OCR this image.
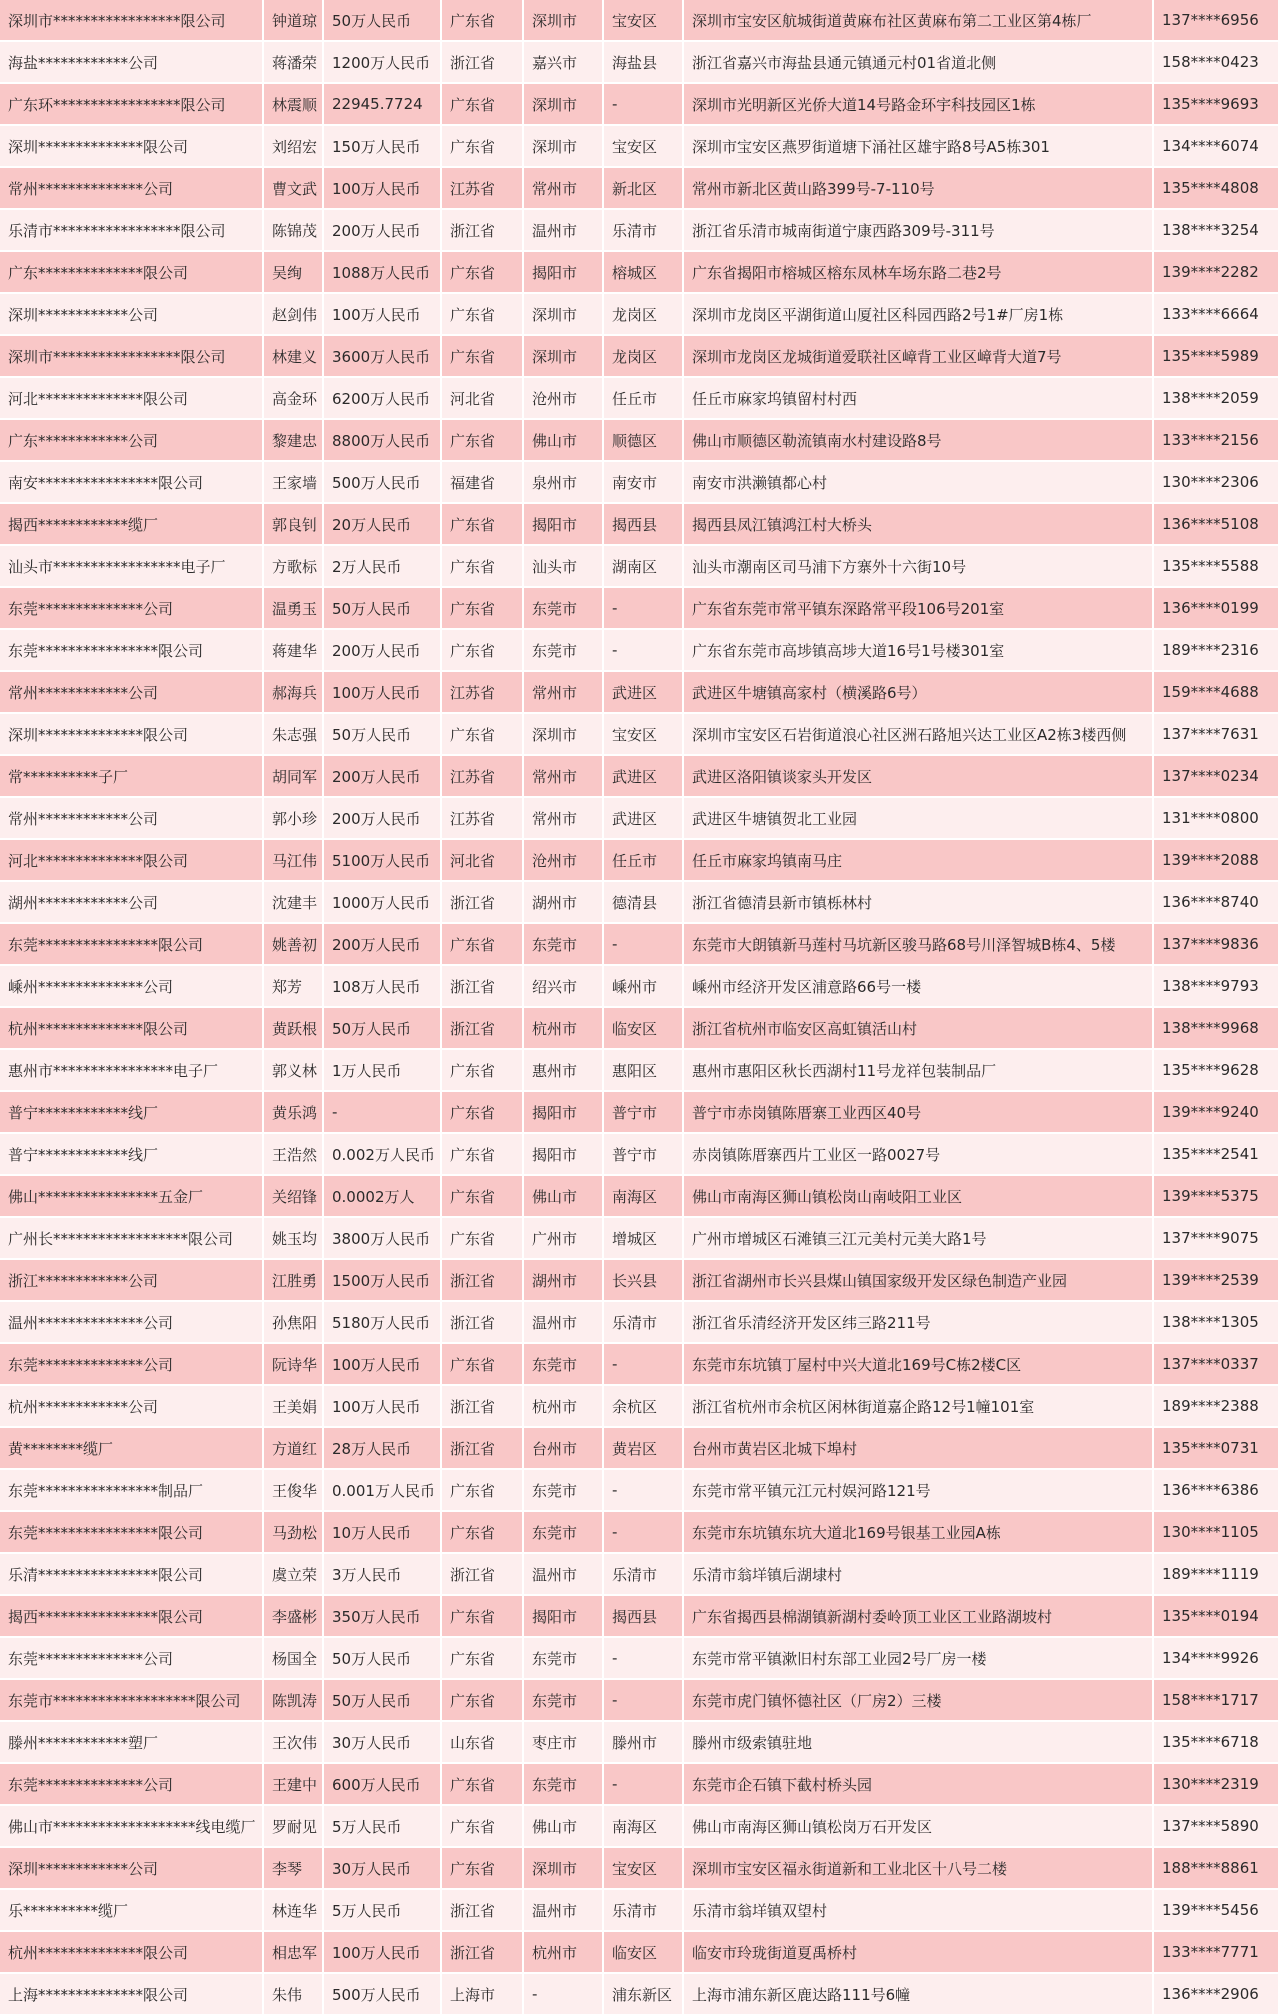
深圳市*****************限公司	钟道琼	50万人民币	广东省	深圳市	宝安区	深圳市宝安区航城街道黄麻布社区黄麻布第二工业区第4栋厂	137****6956
海盐************公司	蒋潘荣	1200万人民币	浙江省	嘉兴市	海盐县	浙江省嘉兴市海盐县通元镇通元村01省道北侧	158****0423
广东环*****************限公司	林震顺	22945.7724	广东省	深圳市	-	深圳市光明新区光侨大道14号路金环宇科技园区1栋	135****9693
深圳**************限公司	刘绍宏	150万人民币	广东省	深圳市	宝安区	深圳市宝安区燕罗街道塘下涌社区雄宇路8号A5栋301	134****6074
常州**************公司	曹文武	100万人民币	江苏省	常州市	新北区	常州市新北区黄山路399号-7-110号	135****4808
乐清市*****************限公司	陈锦茂	200万人民币	浙江省	温州市	乐清市	浙江省乐清市城南街道宁康西路309号-311号	138****3254
广东**************限公司	吴绚	1088万人民币	广东省	揭阳市	榕城区	广东省揭阳市榕城区榕东凤林车场东路二巷2号	139****2282
深圳************公司	赵剑伟	100万人民币	广东省	深圳市	龙岗区	深圳市龙岗区平湖街道山厦社区科园西路2号1#厂房1栋	133****6664
深圳市*****************限公司	林建义	3600万人民币	广东省	深圳市	龙岗区	深圳市龙岗区龙城街道爱联社区嶂背工业区嶂背大道7号	135****5989
河北**************限公司	高金环	6200万人民币	河北省	沧州市	任丘市	任丘市麻家坞镇留村村西	138****2059
广东************公司	黎建忠	8800万人民币	广东省	佛山市	顺德区	佛山市顺德区勒流镇南水村建设路8号	133****2156
南安****************限公司	王家墙	500万人民币	福建省	泉州市	南安市	南安市洪濑镇都心村	130****2306
揭西************缆厂	郭良钊	20万人民币	广东省	揭阳市	揭西县	揭西县凤江镇鸿江村大桥头	136****5108
汕头市*****************电子厂	方歌标	2万人民币	广东省	汕头市	湖南区	汕头市潮南区司马浦下方寨外十六街10号	135****5588
东莞**************公司	温勇玉	50万人民币	广东省	东莞市	-	广东省东莞市常平镇东深路常平段106号201室	136****0199
东莞****************限公司	蒋建华	200万人民币	广东省	东莞市	-	广东省东莞市高埗镇高埗大道16号1号楼301室	189****2316
常州************公司	郝海兵	100万人民币	江苏省	常州市	武进区	武进区牛塘镇高家村（横溪路6号）	159****4688
深圳**************限公司	朱志强	50万人民币	广东省	深圳市	宝安区	深圳市宝安区石岩街道浪心社区洲石路旭兴达工业区A2栋3楼西侧	137****7631
常**********子厂	胡同军	200万人民币	江苏省	常州市	武进区	武进区洛阳镇谈家头开发区	137****0234
常州************公司	郭小珍	200万人民币	江苏省	常州市	武进区	武进区牛塘镇贺北工业园	131****0800
河北**************限公司	马江伟	5100万人民币	河北省	沧州市	任丘市	任丘市麻家坞镇南马庄	139****2088
湖州************公司	沈建丰	1000万人民币	浙江省	湖州市	德清县	浙江省德清县新市镇栎林村	136****8740
东莞****************限公司	姚善初	200万人民币	广东省	东莞市	-	东莞市大朗镇新马莲村马坑新区骏马路68号川泽智城B栋4、5楼	137****9836
嵊州**************公司	郑芳	108万人民币	浙江省	绍兴市	嵊州市	嵊州市经济开发区浦意路66号一楼	138****9793
杭州**************限公司	黄跃根	50万人民币	浙江省	杭州市	临安区	浙江省杭州市临安区高虹镇活山村	138****9968
惠州市****************电子厂	郭义林	1万人民币	广东省	惠州市	惠阳区	惠州市惠阳区秋长西湖村11号龙祥包装制品厂	135****9628
普宁************线厂	黄乐鸿	-	广东省	揭阳市	普宁市	普宁市赤岗镇陈厝寨工业西区40号	139****9240
普宁************线厂	王浩然	0.002万人民币	广东省	揭阳市	普宁市	赤岗镇陈厝寨西片工业区一路0027号	135****2541
佛山****************五金厂	关绍锋	0.0002万人	广东省	佛山市	南海区	佛山市南海区狮山镇松岗山南岐阳工业区	139****5375
广州长******************限公司	姚玉均	3800万人民币	广东省	广州市	增城区	广州市增城区石滩镇三江元美村元美大路1号	137****9075
浙江************公司	江胜勇	1500万人民币	浙江省	湖州市	长兴县	浙江省湖州市长兴县煤山镇国家级开发区绿色制造产业园	139****2539
温州**************公司	孙焦阳	5180万人民币	浙江省	温州市	乐清市	浙江省乐清经济开发区纬三路211号	138****1305
东莞**************公司	阮诗华	100万人民币	广东省	东莞市	-	东莞市东坑镇丁屋村中兴大道北169号C栋2楼C区	137****0337
杭州************公司	王美娟	100万人民币	浙江省	杭州市	余杭区	浙江省杭州市余杭区闲林街道嘉企路12号1幢101室	189****2388
黄********缆厂	方道红	28万人民币	浙江省	台州市	黄岩区	台州市黄岩区北城下埠村	135****0731
东莞****************制品厂	王俊华	0.001万人民币	广东省	东莞市	-	东莞市常平镇元江元村娱河路121号	136****6386
东莞****************限公司	马劲松	10万人民币	广东省	东莞市	-	东莞市东坑镇东坑大道北169号银基工业园A栋	130****1105
乐清****************限公司	虞立荣	3万人民币	浙江省	温州市	乐清市	乐清市翁垟镇后湖埭村	189****1119
揭西****************限公司	李盛彬	350万人民币	广东省	揭阳市	揭西县	广东省揭西县棉湖镇新湖村委岭顶工业区工业路湖坡村	135****0194
东莞**************公司	杨国全	50万人民币	广东省	东莞市	-	东莞市常平镇漱旧村东部工业园2号厂房一楼	134****9926
东莞市*******************限公司	陈凯涛	50万人民币	广东省	东莞市	-	东莞市虎门镇怀德社区（厂房2）三楼	158****1717
滕州************塑厂	王次伟	30万人民币	山东省	枣庄市	滕州市	滕州市级索镇驻地	135****6718
东莞**************公司	王建中	600万人民币	广东省	东莞市	-	东莞市企石镇下截村桥头园	130****2319
佛山市*******************线电缆厂	罗耐见	5万人民币	广东省	佛山市	南海区	佛山市南海区狮山镇松岗万石开发区	137****5890
深圳************公司	李琴	30万人民币	广东省	深圳市	宝安区	深圳市宝安区福永街道新和工业北区十八号二楼	188****8861
乐**********缆厂	林连华	5万人民币	浙江省	温州市	乐清市	乐清市翁垟镇双望村	139****5456
杭州**************限公司	相忠军	100万人民币	浙江省	杭州市	临安区	临安市玲珑街道夏禹桥村	133****7771
上海**************限公司	朱伟	500万人民币	上海市	-	浦东新区	上海市浦东新区鹿达路111号6幢	136****2906
